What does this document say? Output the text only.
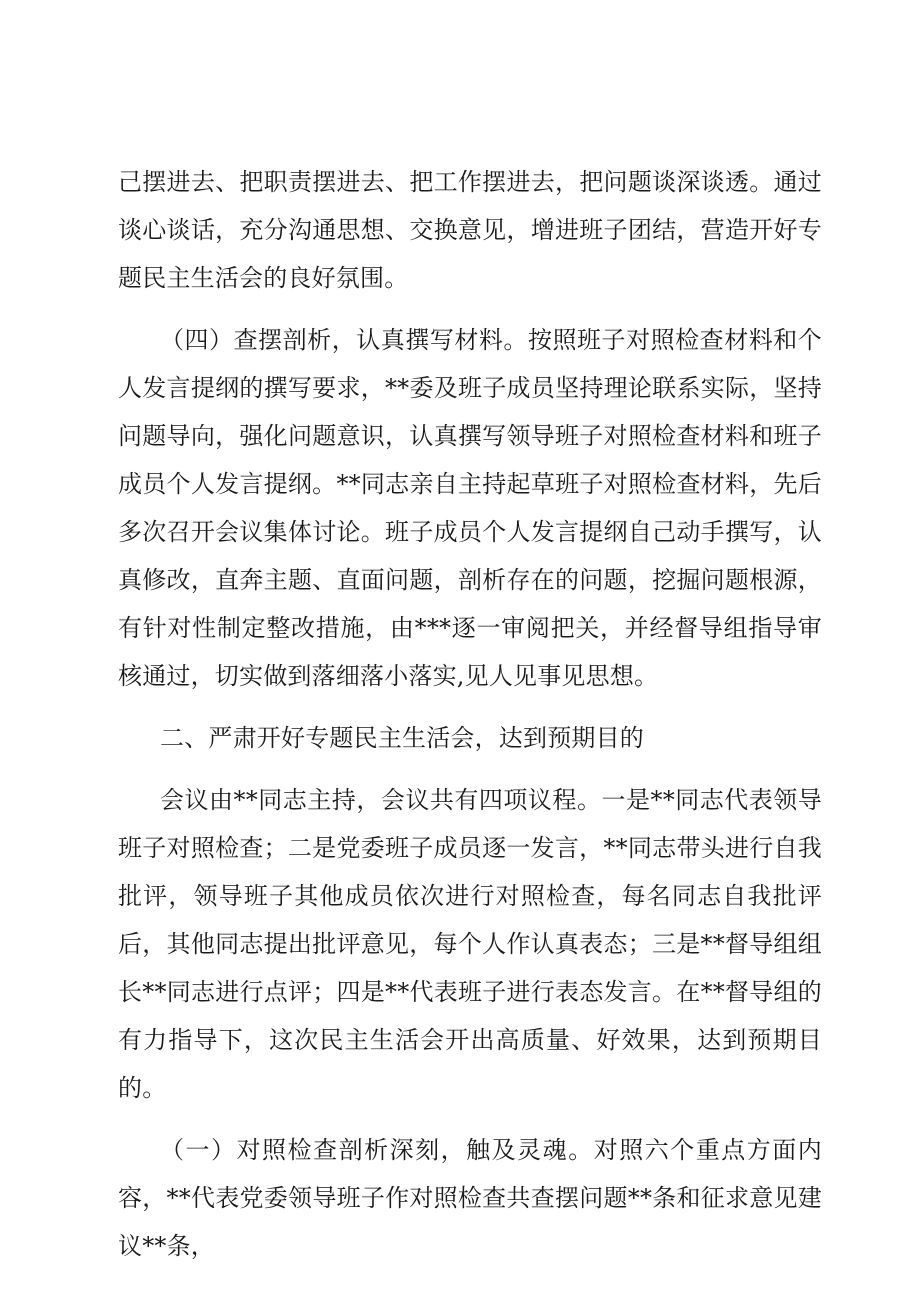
己摆进去、把职责摆进去、把工作摆进去，把问题谈深谈透。通过谈心谈话，充分沟通思想、交换意见，增进班子团结，营造开好专题民主生活会的良好氛围。

（四）查摆剖析，认真撰写材料。按照班子对照检查材料和个人发言提纲的撰写要求，**委及班子成员坚持理论联系实际，坚持问题导向，强化问题意识，认真撰写领导班子对照检查材料和班子成员个人发言提纲。**同志亲自主持起草班子对照检查材料，先后多次召开会议集体讨论。班子成员个人发言提纲自己动手撰写，认真修改，直奔主题、直面问题，剖析存在的问题，挖掘问题根源，有针对性制定整改措施，由***逐一审阅把关，并经督导组指导审核通过，切实做到落细落小落实,见人见事见思想。

二、严肃开好专题民主生活会，达到预期目的

会议由**同志主持，会议共有四项议程。一是**同志代表领导班子对照检查；二是党委班子成员逐一发言，**同志带头进行自我批评，领导班子其他成员依次进行对照检查，每名同志自我批评后，其他同志提出批评意见，每个人作认真表态；三是**督导组组长**同志进行点评；四是**代表班子进行表态发言。在**督导组的有力指导下，这次民主生活会开出高质量、好效果，达到预期目的。

（一）对照检查剖析深刻，触及灵魂。对照六个重点方面内容，**代表党委领导班子作对照检查共查摆问题**条和征求意见建议**条，
